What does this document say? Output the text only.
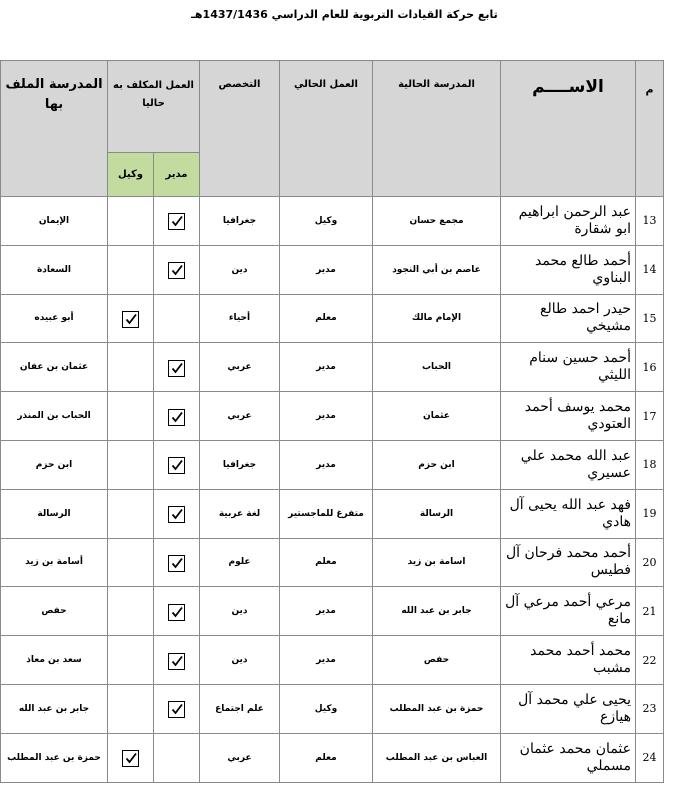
تابع حركة القيادات التربوية للعام الدراسي 1437/1436هـ
م	الاســــم	المدرسة الحالية	العمل الحالي	التخصص	العمل المكلف به حاليا		المدرسة الملف بها
					مدير	وكيل	
13	عبد الرحمن ابراهيم ابو شقارة	مجمع حسان	وكيل	جغرافيا			الإيمان
14	أحمد طالع محمد البناوي	عاصم بن أبي النجود	مدير	دين			السعادة
15	حيدر احمد طالع مشيخي	الإمام مالك	معلم	أحياء			أبو عبيده
16	أحمد حسين سنام الليثي	الحباب	مدير	عربي			عثمان بن عفان
17	محمد يوسف أحمد العتودي	عثمان	مدير	عربي			الحباب بن المنذر
18	عبد الله محمد علي عسيري	ابن حزم	مدير	جغرافيا			ابن حزم
19	فهد عبد الله يحيى آل هادي	الرسالة	متفرغ للماجستير	لغة عربية			الرسالة
20	أحمد محمد فرحان آل فطيس	اسامة بن زيد	معلم	علوم			أسامة بن زيد
21	مرعي أحمد مرعي آل مانع	جابر بن عبد الله	مدير	دين			حفص
22	محمد أحمد محمد مشبب	حفص	مدير	دين			سعد بن معاذ
23	يحيى علي محمد آل هيازع	حمزة بن عبد المطلب	وكيل	علم اجتماع			جابر بن عبد الله
24	عثمان محمد عثمان مسملي	العباس بن عبد المطلب	معلم	عربي			حمزة بن عبد المطلب
